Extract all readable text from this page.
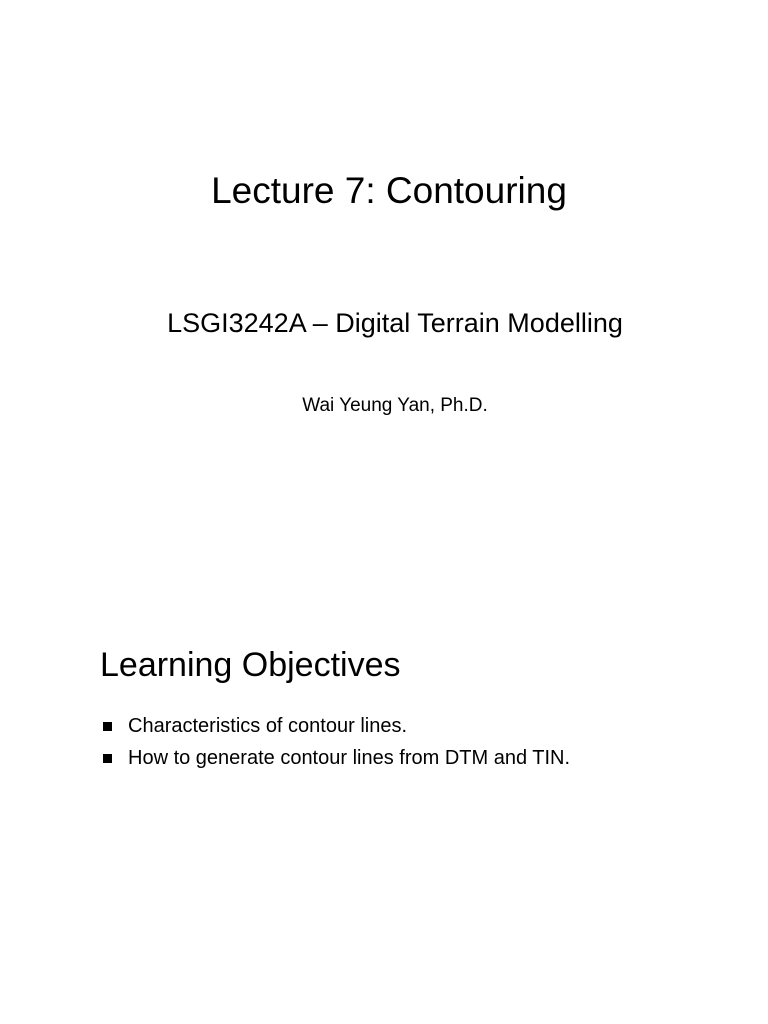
Lecture 7: Contouring
LSGI3242A – Digital Terrain Modelling

Wai Yeung Yan, Ph.D.

Learning Objectives
Characteristics of contour lines.
How to generate contour lines from DTM and TIN.
